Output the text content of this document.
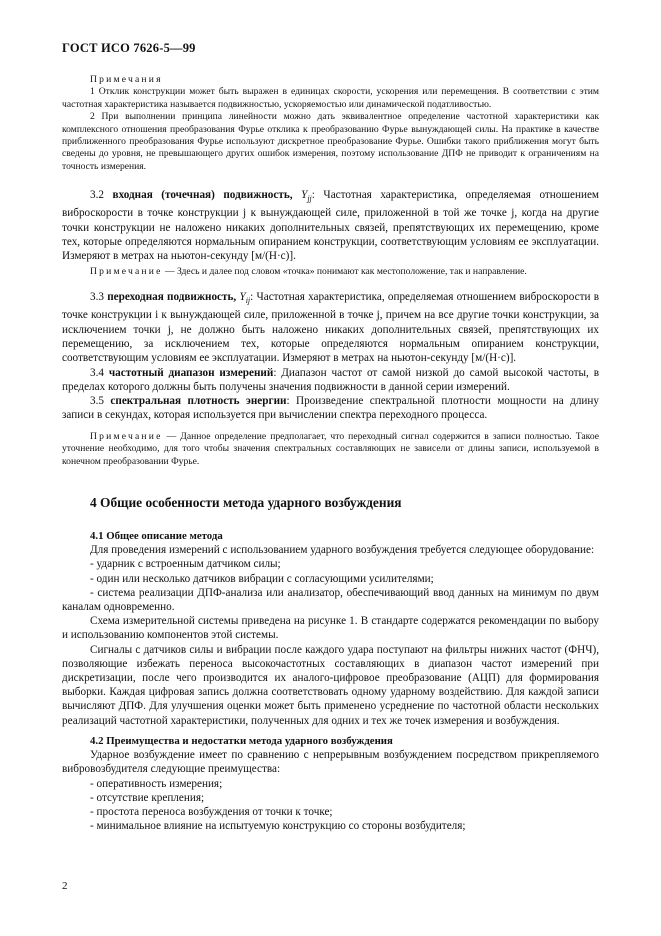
ГОСТ ИСО 7626-5—99

Примечания

1 Отклик конструкции может быть выражен в единицах скорости, ускорения или перемещения. В соответствии с этим частотная характеристика называется подвижностью, ускоряемостью или динамической податливостью.

2 При выполнении принципа линейности можно дать эквивалентное определение частотной характеристики как комплексного отношения преобразования Фурье отклика к преобразованию Фурье вынуждающей силы. На практике в качестве приближенного преобразования Фурье используют дискретное преобразование Фурье. Ошибки такого приближения могут быть сведены до уровня, не превышающего других ошибок измерения, поэтому использование ДПФ не приводит к ограничениям на точность измерения.

3.2 входная (точечная) подвижность, $Y_{jj}$: Частотная характеристика, определяемая отношением виброскорости в точке конструкции j к вынуждающей силе, приложенной в той же точке j, когда на другие точки конструкции не наложено никаких дополнительных связей, препятствующих их перемещению, кроме тех, которые определяются нормальным опиранием конструкции, соответствующим условиям ее эксплуатации. Измеряют в метрах на ньютон-секунду [м/(Н·с)].
Примечание — Здесь и далее под словом «точка» понимают как местоположение, так и направление.
3.3 переходная подвижность, $Y_{ij}$: Частотная характеристика, определяемая отношением виброскорости в точке конструкции i к вынуждающей силе, приложенной в точке j, причем на все другие точки конструкции, за исключением точки j, не должно быть наложено никаких дополнительных связей, препятствующих их перемещению, за исключением тех, которые определяются нормальным опиранием конструкции, соответствующим условиям ее эксплуатации. Измеряют в метрах на ньютон-секунду [м/(Н·с)].
3.4 частотный диапазон измерений: Диапазон частот от самой низкой до самой высокой частоты, в пределах которого должны быть получены значения подвижности в данной серии измерений.
3.5 спектральная плотность энергии: Произведение спектральной плотности мощности на длину записи в секундах, которая используется при вычислении спектра переходного процесса.
Примечание — Данное определение предполагает, что переходный сигнал содержится в записи полностью. Такое уточнение необходимо, для того чтобы значения спектральных составляющих не зависели от длины записи, используемой в конечном преобразовании Фурье.
4 Общие особенности метода ударного возбуждения

4.1 Общее описание метода

Для проведения измерений с использованием ударного возбуждения требуется следующее оборудование:

- ударник с встроенным датчиком силы;

- один или несколько датчиков вибрации с согласующими усилителями;

- система реализации ДПФ-анализа или анализатор, обеспечивающий ввод данных на минимум по двум каналам одновременно.

Схема измерительной системы приведена на рисунке 1. В стандарте содержатся рекомендации по выбору и использованию компонентов этой системы.

Сигналы с датчиков силы и вибрации после каждого удара поступают на фильтры нижних частот (ФНЧ), позволяющие избежать переноса высокочастотных составляющих в диапазон частот измерений при дискретизации, после чего производится их аналого-цифровое преобразование (АЦП) для формирования выборки. Каждая цифровая запись должна соответствовать одному ударному воздействию. Для каждой записи вычисляют ДПФ. Для улучшения оценки может быть применено усреднение по частотной области нескольких реализаций частотной характеристики, полученных для одних и тех же точек измерения и возбуждения.

4.2 Преимущества и недостатки метода ударного возбуждения

Ударное возбуждение имеет по сравнению с непрерывным возбуждением посредством прикрепляемого вибровозбудителя следующие преимущества:

- оперативность измерения;

- отсутствие крепления;

- простота переноса возбуждения от точки к точке;

- минимальное влияние на испытуемую конструкцию со стороны возбудителя;

2
